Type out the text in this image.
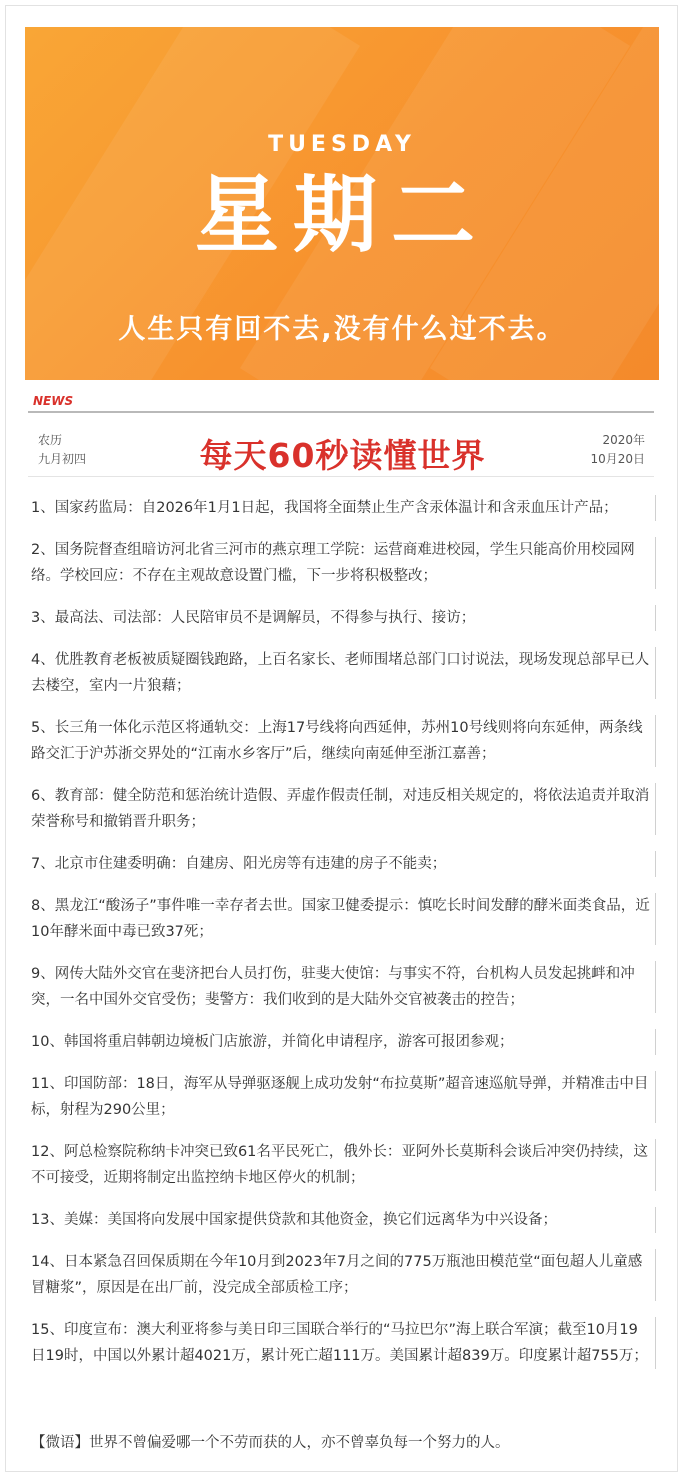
TUESDAY
星期二
人生只有回不去,没有什么过不去。
NEWS
农历
九月初四	每天60秒读懂世界	2020年
10月20日

1、国家药监局：自2026年1月1日起，我国将全面禁止生产含汞体温计和含汞血压计产品；

2、国务院督查组暗访河北省三河市的燕京理工学院：运营商难进校园，学生只能高价用校园网络。学校回应：不存在主观故意设置门槛，下一步将积极整改；

3、最高法、司法部：人民陪审员不是调解员，不得参与执行、接访；

4、优胜教育老板被质疑圈钱跑路，上百名家长、老师围堵总部门口讨说法，现场发现总部早已人去楼空，室内一片狼藉；

5、长三角一体化示范区将通轨交：上海17号线将向西延伸，苏州10号线则将向东延伸，两条线路交汇于沪苏浙交界处的“江南水乡客厅”后，继续向南延伸至浙江嘉善；

6、教育部：健全防范和惩治统计造假、弄虚作假责任制，对违反相关规定的，将依法追责并取消荣誉称号和撤销晋升职务；

7、北京市住建委明确：自建房、阳光房等有违建的房子不能卖；

8、黑龙江“酸汤子”事件唯一幸存者去世。国家卫健委提示：慎吃长时间发酵的酵米面类食品，近10年酵米面中毒已致37死；

9、网传大陆外交官在斐济把台人员打伤，驻斐大使馆：与事实不符，台机构人员发起挑衅和冲突，一名中国外交官受伤；斐警方：我们收到的是大陆外交官被袭击的控告；

10、韩国将重启韩朝边境板门店旅游，并简化申请程序，游客可报团参观；

11、印国防部：18日，海军从导弹驱逐舰上成功发射“布拉莫斯”超音速巡航导弹，并精准击中目标，射程为290公里；

12、阿总检察院称纳卡冲突已致61名平民死亡，俄外长：亚阿外长莫斯科会谈后冲突仍持续，这不可接受，近期将制定出监控纳卡地区停火的机制；

13、美媒：美国将向发展中国家提供贷款和其他资金，换它们远离华为中兴设备；

14、日本紧急召回保质期在今年10月到2023年7月之间的775万瓶池田模范堂“面包超人儿童感冒糖浆”，原因是在出厂前，没完成全部质检工序；

15、印度宣布：澳大利亚将参与美日印三国联合举行的“马拉巴尔”海上联合军演；截至10月19日19时，中国以外累计超4021万，累计死亡超111万。美国累计超839万。印度累计超755万；

【微语】世界不曾偏爱哪一个不劳而获的人，亦不曾辜负每一个努力的人。
